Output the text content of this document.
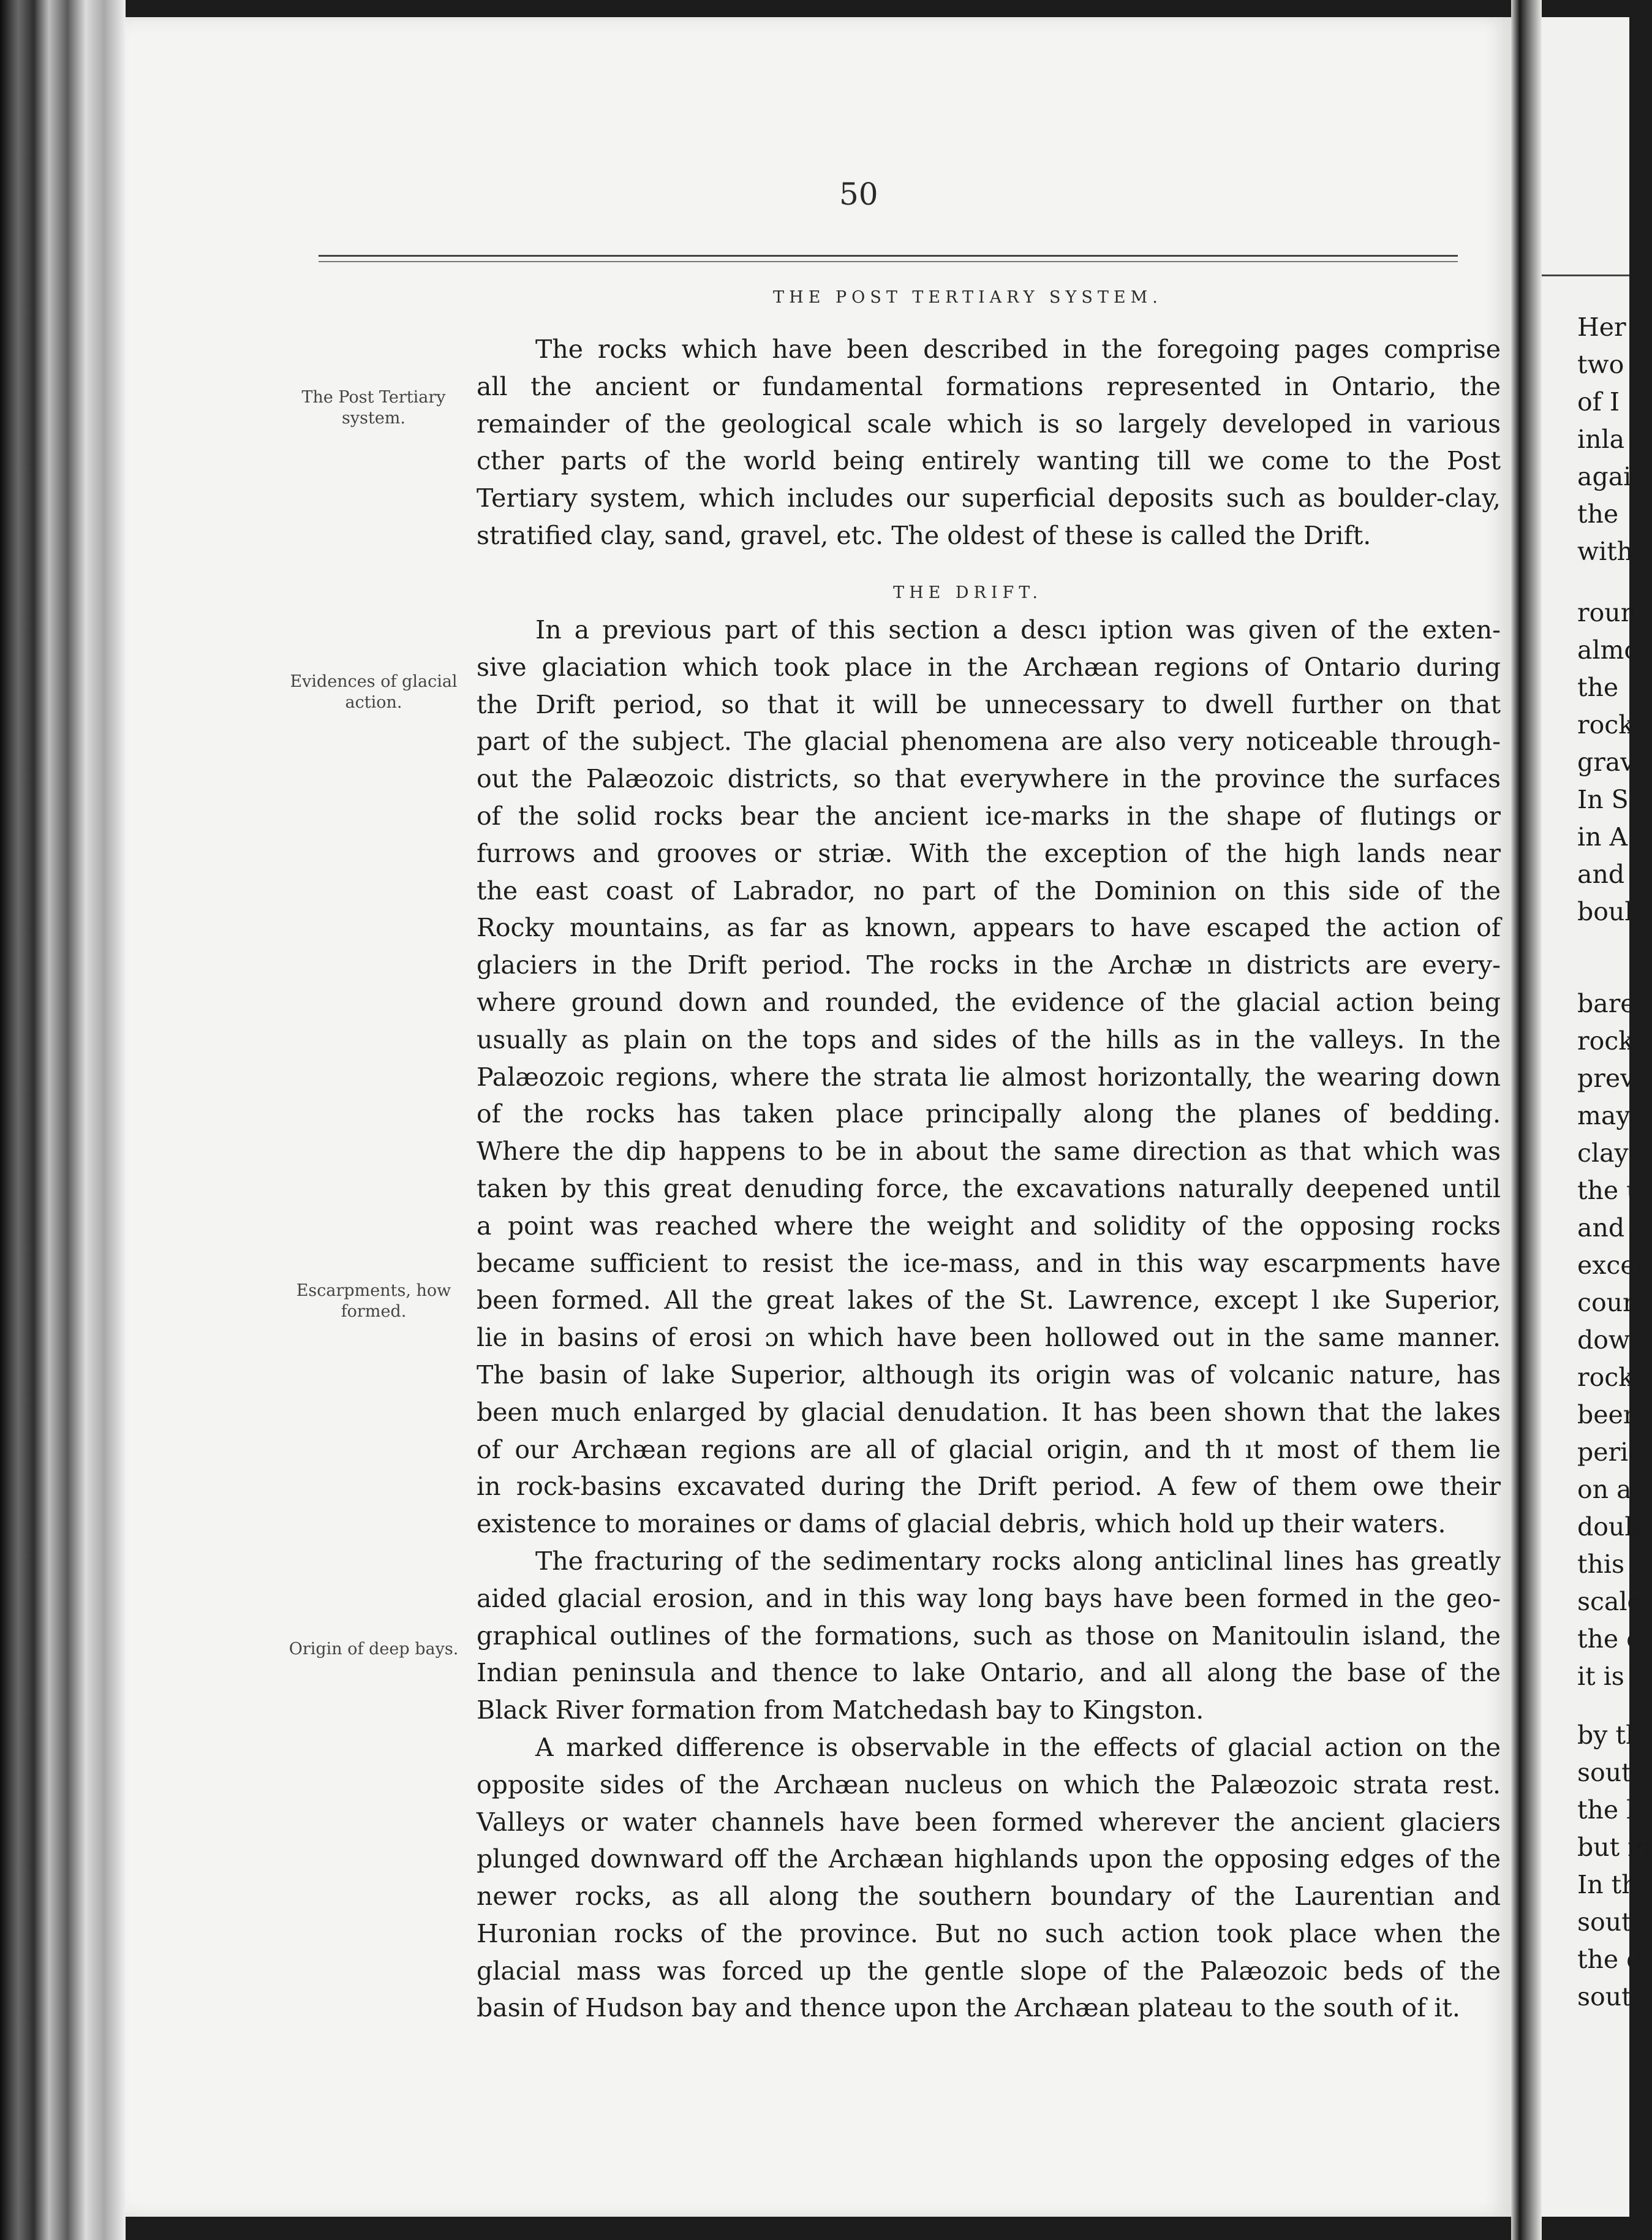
50
THE POST TERTIARY SYSTEM.
The Post Tertiary system.
Evidences of glacial action.
Escarpments, how formed.
Origin of deep bays.
The rocks which have been described in the foregoing pages comprise
all the ancient or fundamental formations represented in Ontario, the
remainder of the geological scale which is so largely developed in various
cther parts of the world being entirely wanting till we come to the Post
Tertiary system, which includes our superficial deposits such as boulder-clay,
stratified clay, sand, gravel, etc. The oldest of these is called the Drift.
THE DRIFT.
In a previous part of this section a descı iption was given of the exten-
sive glaciation which took place in the Archæan regions of Ontario during
the Drift period, so that it will be unnecessary to dwell further on that
part of the subject. The glacial phenomena are also very noticeable through-
out the Palæozoic districts, so that everywhere in the province the surfaces
of the solid rocks bear the ancient ice-marks in the shape of flutings or
furrows and grooves or striæ. With the exception of the high lands near
the east coast of Labrador, no part of the Dominion on this side of the
Rocky mountains, as far as known, appears to have escaped the action of
glaciers in the Drift period. The rocks in the Archæ ın districts are every-
where ground down and rounded, the evidence of the glacial action being
usually as plain on the tops and sides of the hills as in the valleys. In the
Palæozoic regions, where the strata lie almost horizontally, the wearing down
of the rocks has taken place principally along the planes of bedding.
Where the dip happens to be in about the same direction as that which was
taken by this great denuding force, the excavations naturally deepened until
a point was reached where the weight and solidity of the opposing rocks
became sufficient to resist the ice-mass, and in this way escarpments have
been formed. All the great lakes of the St. Lawrence, except l ıke Superior,
lie in basins of erosi ɔn which have been hollowed out in the same manner.
The basin of lake Superior, although its origin was of volcanic nature, has
been much enlarged by glacial denudation. It has been shown that the lakes
of our Archæan regions are all of glacial origin, and th ıt most of them lie
in rock-basins excavated during the Drift period. A few of them owe their
existence to moraines or dams of glacial debris, which hold up their waters.
The fracturing of the sedimentary rocks along anticlinal lines has greatly
aided glacial erosion, and in this way long bays have been formed in the geo-
graphical outlines of the formations, such as those on Manitoulin island, the
Indian peninsula and thence to lake Ontario, and all along the base of the
Black River formation from Matchedash bay to Kingston.
A marked difference is observable in the effects of glacial action on the
opposite sides of the Archæan nucleus on which the Palæozoic strata rest.
Valleys or water channels have been formed wherever the ancient glaciers
plunged downward off the Archæan highlands upon the opposing edges of the
newer rocks, as all along the southern boundary of the Laurentian and
Huronian rocks of the province. But no such action took place when the
glacial mass was forced up the gentle slope of the Palæozoic beds of the
basin of Hudson bay and thence upon the Archæan plateau to the south of it.
Her
two
of I
inla
agai
the
with
roun
almo
the
rock
grav
In S
in A
and
boul
bare
rocks
prev
may
clays
the u
and
excep
cours
dowr
rocks
been
perio
on a
doub
this p
scale
the e
it is a
by th
south
the la
but in
In th
south
the di
south
